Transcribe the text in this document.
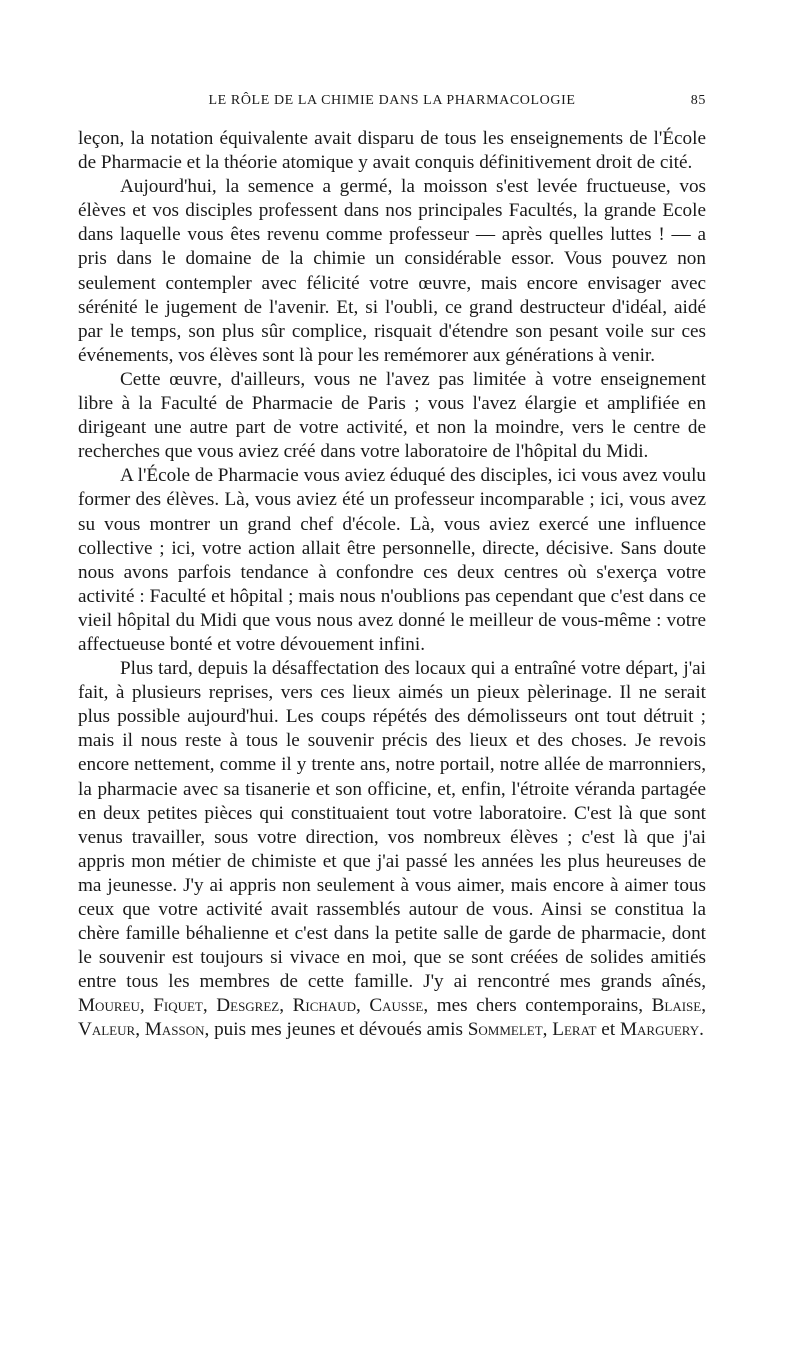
LE RÔLE DE LA CHIMIE DANS LA PHARMACOLOGIE	85

leçon, la notation équivalente avait disparu de tous les enseignements de l'École de Pharmacie et la théorie atomique y avait conquis définitivement droit de cité.

Aujourd'hui, la semence a germé, la moisson s'est levée fructueuse, vos élèves et vos disciples professent dans nos principales Facultés, la grande Ecole dans laquelle vous êtes revenu comme professeur — après quelles luttes ! — a pris dans le domaine de la chimie un considérable essor. Vous pouvez non seulement contempler avec félicité votre œuvre, mais encore envisager avec sérénité le jugement de l'avenir. Et, si l'oubli, ce grand destructeur d'idéal, aidé par le temps, son plus sûr complice, risquait d'étendre son pesant voile sur ces événements, vos élèves sont là pour les remémorer aux générations à venir.

Cette œuvre, d'ailleurs, vous ne l'avez pas limitée à votre enseignement libre à la Faculté de Pharmacie de Paris ; vous l'avez élargie et amplifiée en dirigeant une autre part de votre activité, et non la moindre, vers le centre de recherches que vous aviez créé dans votre laboratoire de l'hôpital du Midi.

A l'École de Pharmacie vous aviez éduqué des disciples, ici vous avez voulu former des élèves. Là, vous aviez été un professeur incomparable ; ici, vous avez su vous montrer un grand chef d'école. Là, vous aviez exercé une influence collective ; ici, votre action allait être personnelle, directe, décisive. Sans doute nous avons parfois tendance à confondre ces deux centres où s'exerça votre activité : Faculté et hôpital ; mais nous n'oublions pas cependant que c'est dans ce vieil hôpital du Midi que vous nous avez donné le meilleur de vous-même : votre affectueuse bonté et votre dévouement infini.

Plus tard, depuis la désaffectation des locaux qui a entraîné votre départ, j'ai fait, à plusieurs reprises, vers ces lieux aimés un pieux pèlerinage. Il ne serait plus possible aujourd'hui. Les coups répétés des démolisseurs ont tout détruit ; mais il nous reste à tous le souvenir précis des lieux et des choses. Je revois encore nettement, comme il y trente ans, notre portail, notre allée de marronniers, la pharmacie avec sa tisanerie et son officine, et, enfin, l'étroite véranda partagée en deux petites pièces qui constituaient tout votre laboratoire. C'est là que sont venus travailler, sous votre direction, vos nombreux élèves ; c'est là que j'ai appris mon métier de chimiste et que j'ai passé les années les plus heureuses de ma jeunesse. J'y ai appris non seulement à vous aimer, mais encore à aimer tous ceux que votre activité avait rassemblés autour de vous. Ainsi se constitua la chère famille béhalienne et c'est dans la petite salle de garde de pharmacie, dont le souvenir est toujours si vivace en moi, que se sont créées de solides amitiés entre tous les membres de cette famille. J'y ai rencontré mes grands aînés, Moureu, Fiquet, Desgrez, Richaud, Causse, mes chers contemporains, Blaise, Valeur, Masson, puis mes jeunes et dévoués amis Sommelet, Lerat et Marguery.
